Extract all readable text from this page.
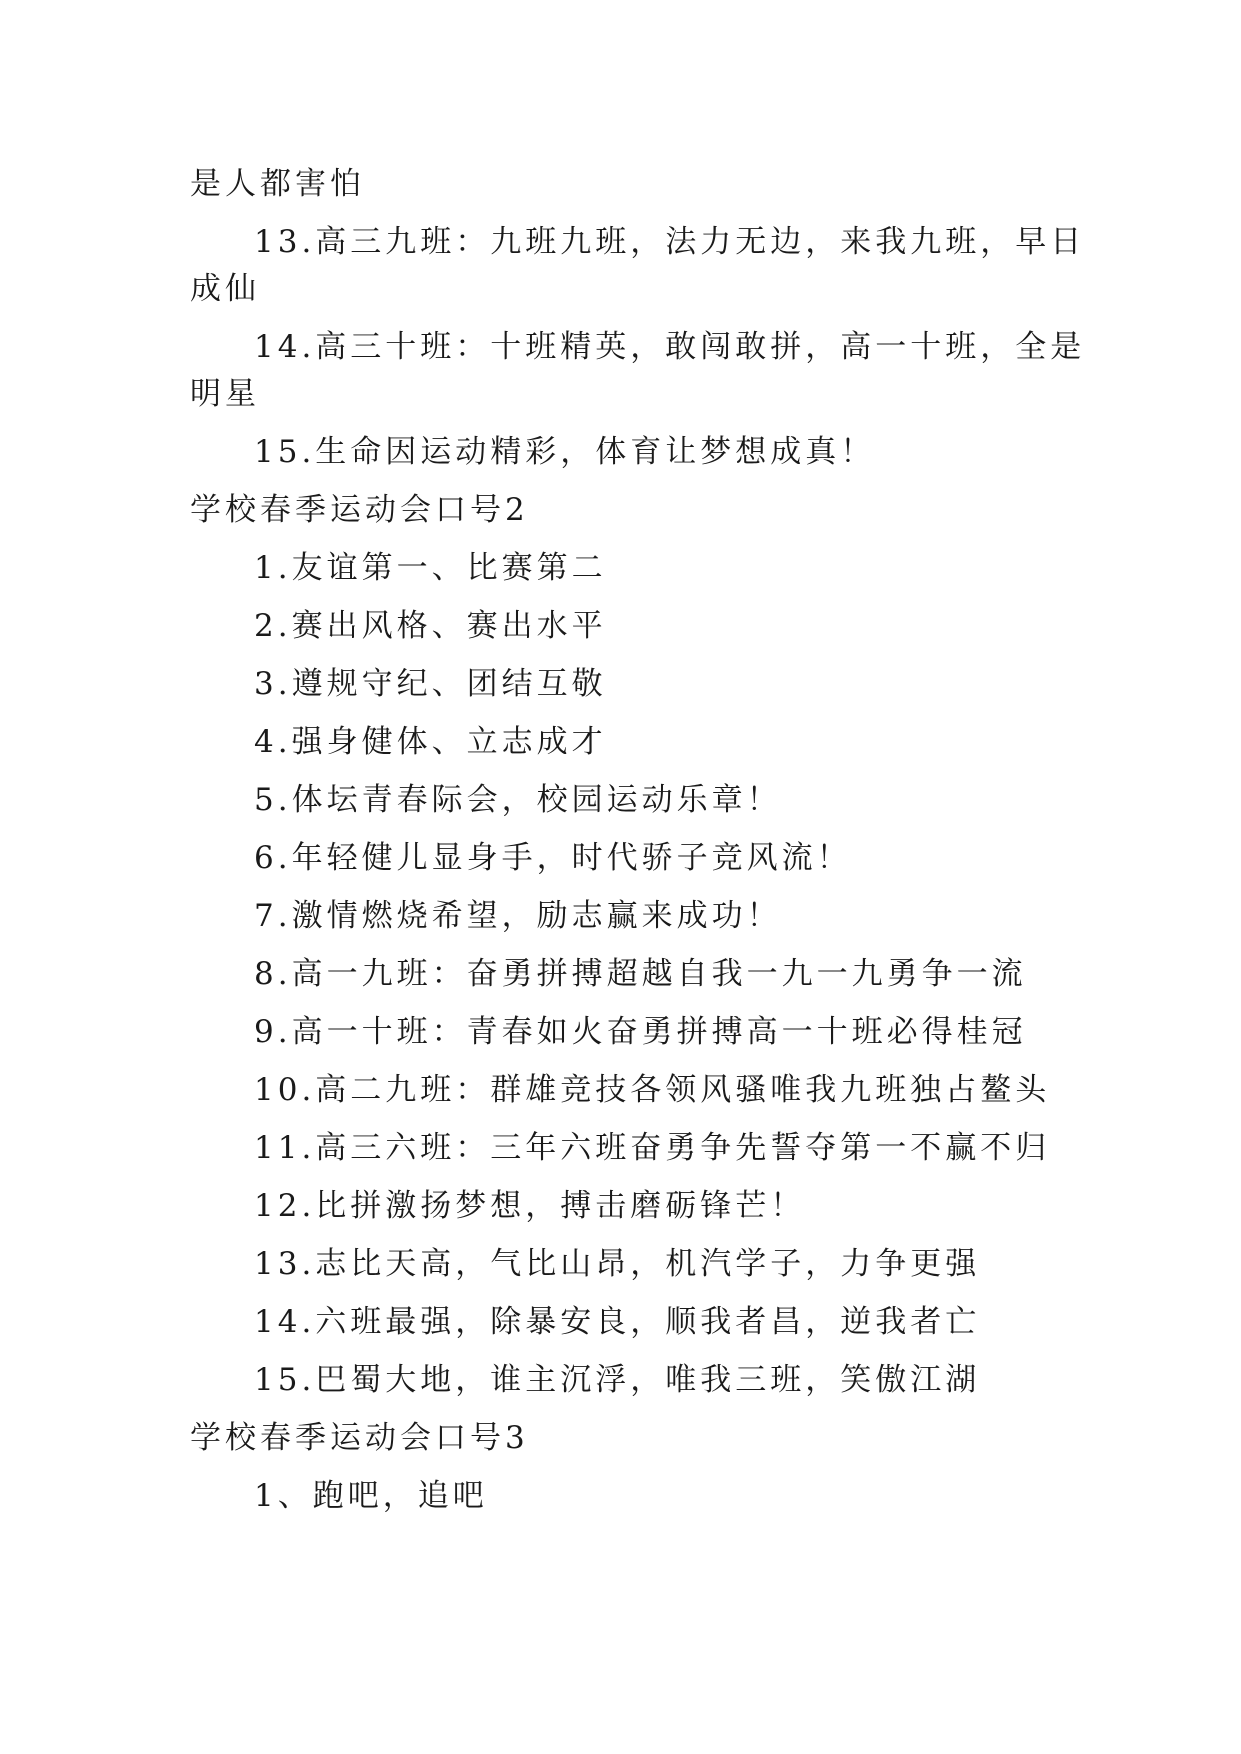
是人都害怕
13.高三九班：九班九班，法力无边，来我九班，早日
成仙
14.高三十班：十班精英，敢闯敢拼，高一十班，全是
明星
15.生命因运动精彩，体育让梦想成真！
学校春季运动会口号2
1.友谊第一、比赛第二
2.赛出风格、赛出水平
3.遵规守纪、团结互敬
4.强身健体、立志成才
5.体坛青春际会，校园运动乐章！
6.年轻健儿显身手，时代骄子竞风流！
7.激情燃烧希望，励志赢来成功！
8.高一九班：奋勇拼搏超越自我一九一九勇争一流
9.高一十班：青春如火奋勇拼搏高一十班必得桂冠
10.高二九班：群雄竞技各领风骚唯我九班独占鳌头
11.高三六班：三年六班奋勇争先誓夺第一不赢不归
12.比拼激扬梦想，搏击磨砺锋芒！
13.志比天高，气比山昂，机汽学子，力争更强
14.六班最强，除暴安良，顺我者昌，逆我者亡
15.巴蜀大地，谁主沉浮，唯我三班，笑傲江湖
学校春季运动会口号3
1、跑吧，追吧
